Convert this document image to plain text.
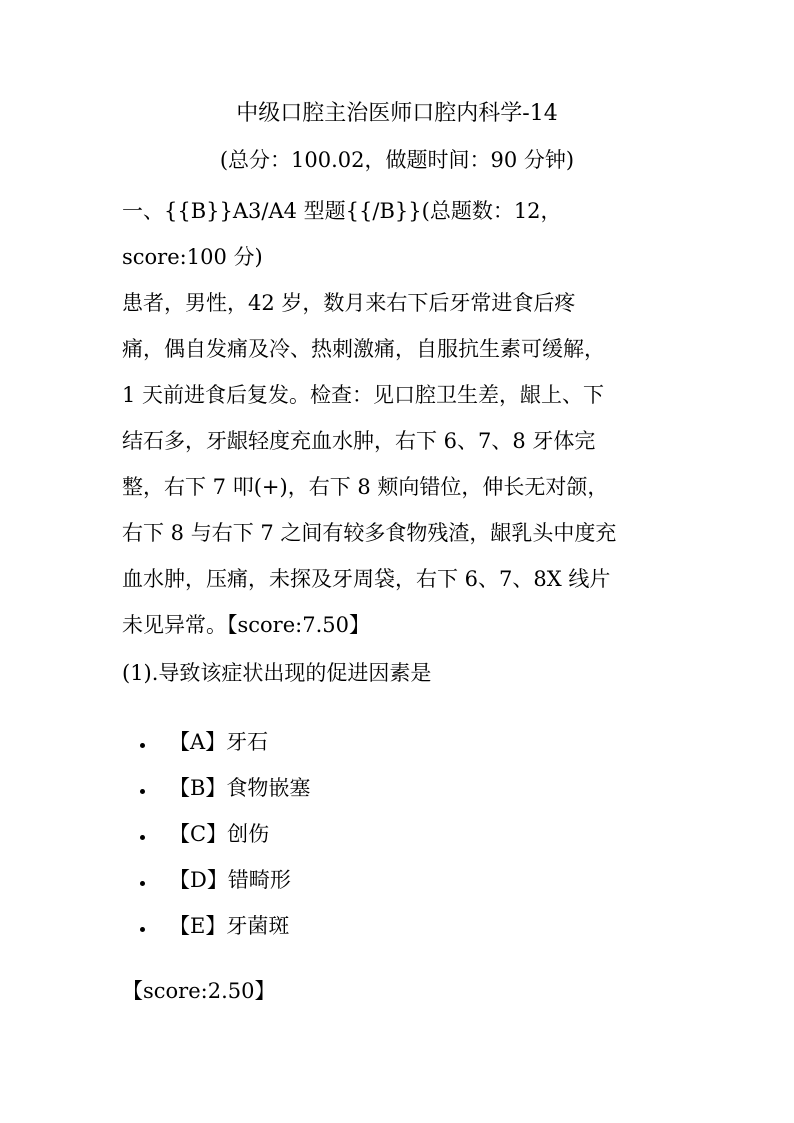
中级口腔主治医师口腔内科学-14
(总分：100.02，做题时间：90 分钟)
一、{{B}}A3/A4 型题{{/B}}(总题数：12，
score:100 分)
患者，男性，42 岁，数月来右下后牙常进食后疼
痛，偶自发痛及冷、热刺激痛，自服抗生素可缓解，
1 天前进食后复发。检查：见口腔卫生差，龈上、下
结石多，牙龈轻度充血水肿，右下 6、7、8 牙体完
整，右下 7 叩(+)，右下 8 颊向错位，伸长无对颌，
右下 8 与右下 7 之间有较多食物残渣，龈乳头中度充
血水肿，压痛，未探及牙周袋，右下 6、7、8X 线片
未见异常。【score:7.50】
(1).导致该症状出现的促进因素是
【A】牙石
【B】食物嵌塞
【C】创伤
【D】错畸形
【E】牙菌斑
【score:2.50】
